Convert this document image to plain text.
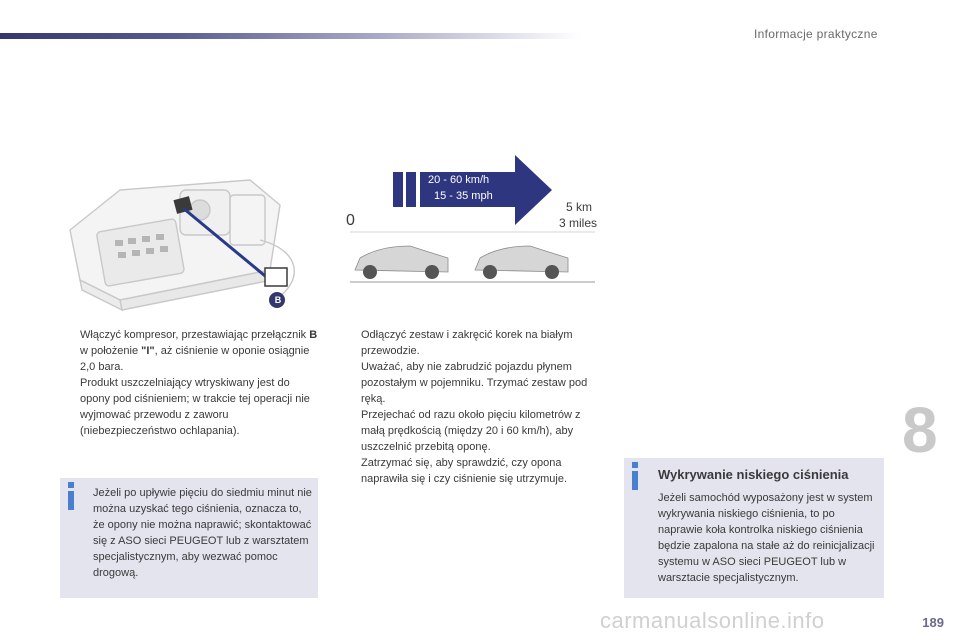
Informacje praktyczne
B
20 - 60 km/h
15 - 35 mph
0
5 km
3 miles

Włączyć kompresor, przestawiając przełącznik B w położenie "I", aż ciśnienie w oponie osiągnie 2,0 bara.

Produkt uszczelniający wtryskiwany jest do opony pod ciśnieniem; w trakcie tej operacji nie wyjmować przewodu z zaworu (niebezpieczeństwo ochlapania).

Odłączyć zestaw i zakręcić korek na białym przewodzie.

Uważać, aby nie zabrudzić pojazdu płynem pozostałym w pojemniku. Trzymać zestaw pod ręką.

Przejechać od razu około pięciu kilometrów z małą prędkością (między 20 i 60 km/h), aby uszczelnić przebitą oponę.

Zatrzymać się, aby sprawdzić, czy opona naprawiła się i czy ciśnienie się utrzymuje.

Jeżeli po upływie pięciu do siedmiu minut nie można uzyskać tego ciśnienia, oznacza to, że opony nie można naprawić; skontaktować się z ASO sieci PEUGEOT lub z warsztatem specjalistycznym, aby wezwać pomoc drogową.
Wykrywanie niskiego ciśnienia
Jeżeli samochód wyposażony jest w system wykrywania niskiego ciśnienia, to po naprawie koła kontrolka niskiego ciśnienia będzie zapalona na stałe aż do reinicjalizacji systemu w ASO sieci PEUGEOT lub w warsztacie specjalistycznym.
8
carmanualsonline.info	189
